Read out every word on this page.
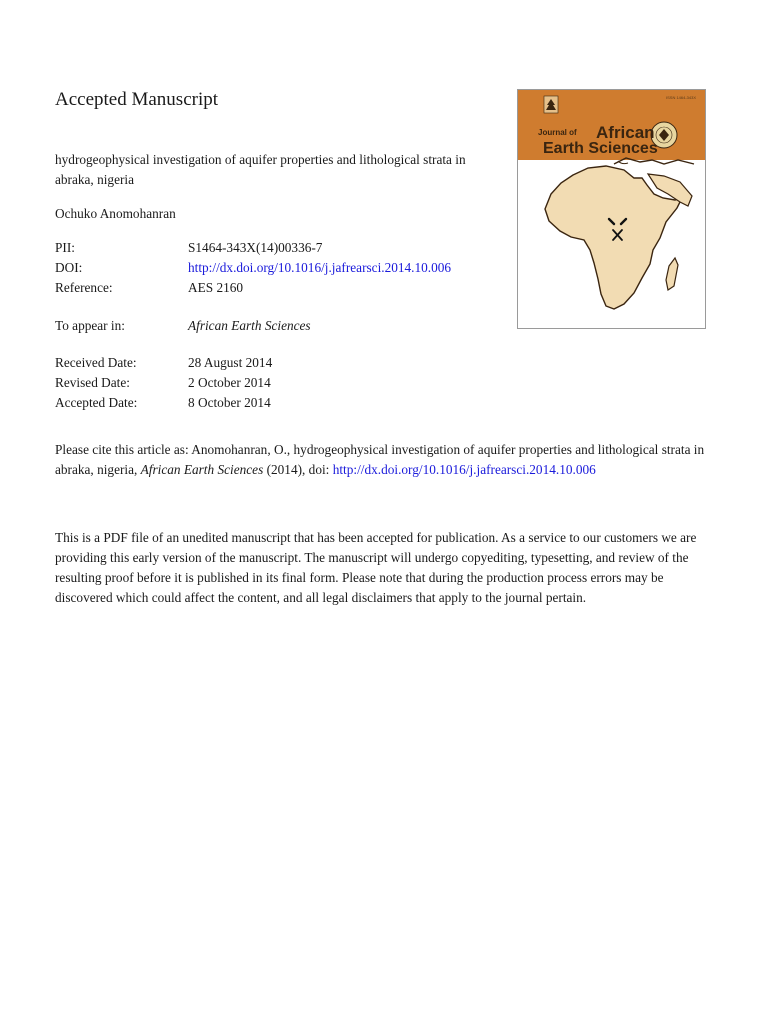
Accepted Manuscript
hydrogeophysical investigation of aquifer properties and lithological strata in abraka, nigeria
Ochuko Anomohanran
PII:	S1464-343X(14)00336-7
DOI:	http://dx.doi.org/10.1016/j.jafrearsci.2014.10.006
Reference:	AES 2160
To appear in:	African Earth Sciences
Received Date:	28 August 2014
Revised Date:	2 October 2014
Accepted Date:	8 October 2014
Please cite this article as: Anomohanran, O., hydrogeophysical investigation of aquifer properties and lithological strata in abraka, nigeria, African Earth Sciences (2014), doi: http://dx.doi.org/10.1016/j.jafrearsci.2014.10.006
This is a PDF file of an unedited manuscript that has been accepted for publication. As a service to our customers we are providing this early version of the manuscript. The manuscript will undergo copyediting, typesetting, and review of the resulting proof before it is published in its final form. Please note that during the production process errors may be discovered which could affect the content, and all legal disclaimers that apply to the journal pertain.
ISSN 1464-343X
Journal of African
Earth Sciences
